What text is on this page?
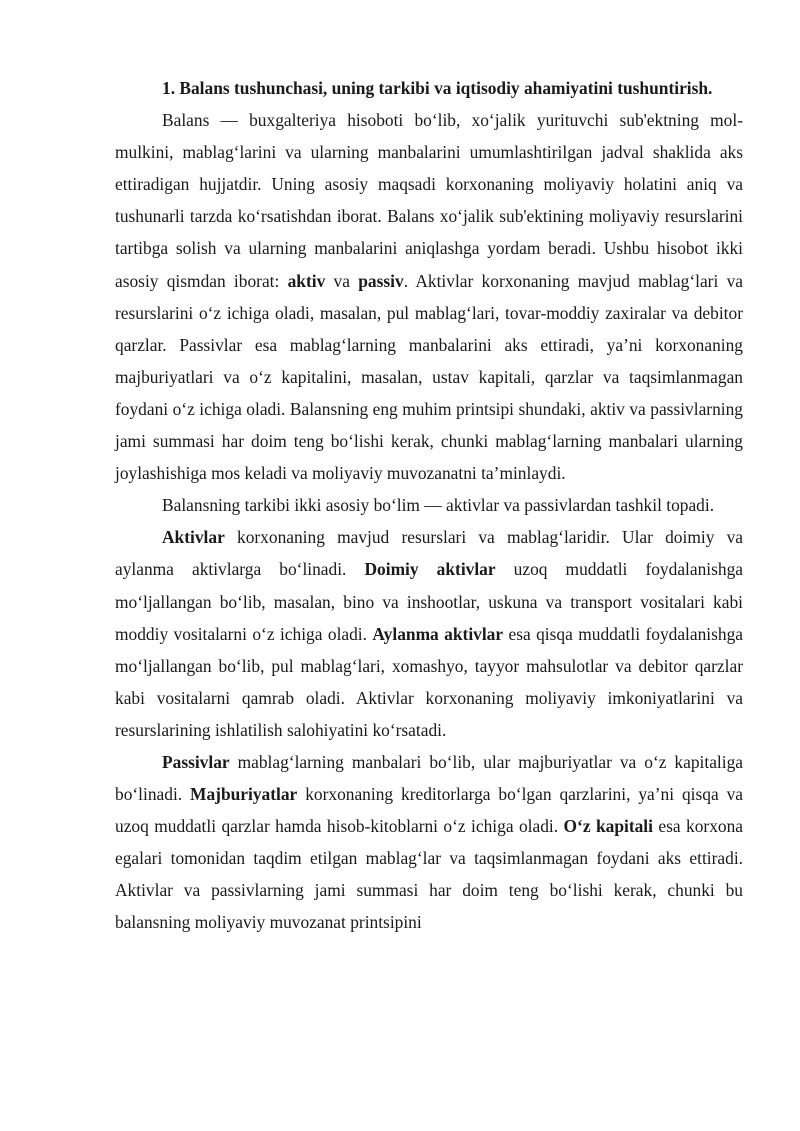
1. Balans tushunchasi, uning tarkibi va iqtisodiy ahamiyatini tushuntirish.

Balans — buxgalteriya hisoboti bo‘lib, xo‘jalik yurituvchi sub'ektning mol-mulkini, mablag‘larini va ularning manbalarini umumlashtirilgan jadval shaklida aks ettiradigan hujjatdir. Uning asosiy maqsadi korxonaning moliyaviy holatini aniq va tushunarli tarzda ko‘rsatishdan iborat. Balans xo‘jalik sub'ektining moliyaviy resurslarini tartibga solish va ularning manbalarini aniqlashga yordam beradi. Ushbu hisobot ikki asosiy qismdan iborat: aktiv va passiv. Aktivlar korxonaning mavjud mablag‘lari va resurslarini o‘z ichiga oladi, masalan, pul mablag‘lari, tovar-moddiy zaxiralar va debitor qarzlar. Passivlar esa mablag‘larning manbalarini aks ettiradi, ya’ni korxonaning majburiyatlari va o‘z kapitalini, masalan, ustav kapitali, qarzlar va taqsimlanmagan foydani o‘z ichiga oladi. Balansning eng muhim printsipi shundaki, aktiv va passivlarning jami summasi har doim teng bo‘lishi kerak, chunki mablag‘larning manbalari ularning joylashishiga mos keladi va moliyaviy muvozanatni ta’minlaydi.

Balansning tarkibi ikki asosiy bo‘lim — aktivlar va passivlardan tashkil topadi.

Aktivlar korxonaning mavjud resurslari va mablag‘laridir. Ular doimiy va aylanma aktivlarga bo‘linadi. Doimiy aktivlar uzoq muddatli foydalanishga mo‘ljallangan bo‘lib, masalan, bino va inshootlar, uskuna va transport vositalari kabi moddiy vositalarni o‘z ichiga oladi. Aylanma aktivlar esa qisqa muddatli foydalanishga mo‘ljallangan bo‘lib, pul mablag‘lari, xomashyo, tayyor mahsulotlar va debitor qarzlar kabi vositalarni qamrab oladi. Aktivlar korxonaning moliyaviy imkoniyatlarini va resurslarining ishlatilish salohiyatini ko‘rsatadi.

Passivlar mablag‘larning manbalari bo‘lib, ular majburiyatlar va o‘z kapitaliga bo‘linadi. Majburiyatlar korxonaning kreditorlarga bo‘lgan qarzlarini, ya’ni qisqa va uzoq muddatli qarzlar hamda hisob-kitoblarni o‘z ichiga oladi. O‘z kapitali esa korxona egalari tomonidan taqdim etilgan mablag‘lar va taqsimlanmagan foydani aks ettiradi. Aktivlar va passivlarning jami summasi har doim teng bo‘lishi kerak, chunki bu balansning moliyaviy muvozanat printsipini
